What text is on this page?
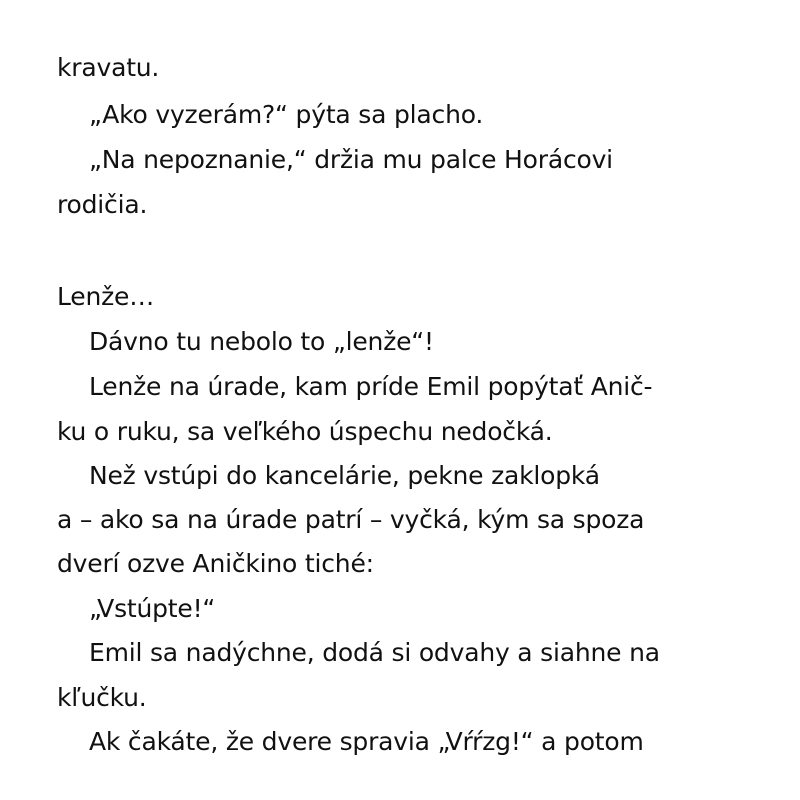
kravatu.
„Ako vyzerám?“ pýta sa placho.
„Na nepoznanie,“ držia mu palce Horácovi
rodičia.
Lenže…
Dávno tu nebolo to „lenže“!
Lenže na úrade, kam príde Emil popýtať Anič-
ku o ruku, sa veľkého úspechu nedočká.
Než vstúpi do kancelárie, pekne zaklopká
a – ako sa na úrade patrí – vyčká, kým sa spoza
dverí ozve Aničkino tiché:
„Vstúpte!“
Emil sa nadýchne, dodá si odvahy a siahne na
kľučku.
Ak čakáte, že dvere spravia „Vŕŕzg!“ a potom
